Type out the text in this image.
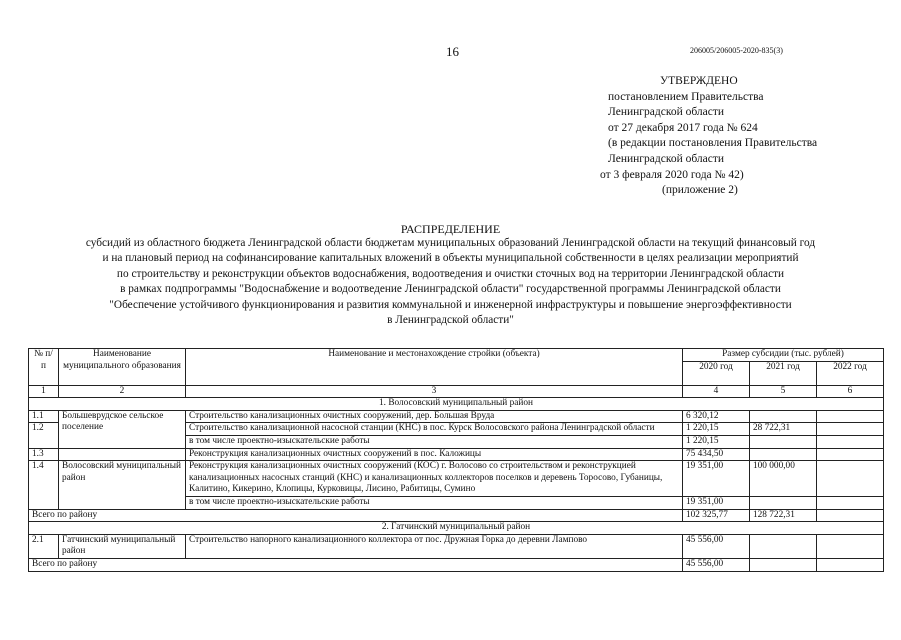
16	206005/206005-2020-835(3)
УТВЕРЖДЕНО
постановлением Правительства
Ленинградской области
от 27 декабря 2017 года № 624
(в редакции постановления Правительства
Ленинградской области
от 3 февраля 2020 года № 42)
(приложение 2)
РАСПРЕДЕЛЕНИЕ
субсидий из областного бюджета Ленинградской области бюджетам муниципальных образований Ленинградской области на текущий финансовый год
и на плановый период на софинансирование капитальных вложений в объекты муниципальной собственности в целях реализации мероприятий
по строительству и реконструкции объектов водоснабжения, водоотведения и очистки сточных вод на территории Ленинградской области
в рамках подпрограммы "Водоснабжение и водоотведение Ленинградской области" государственной программы Ленинградской области
"Обеспечение устойчивого функционирования и развития коммунальной и инженерной инфраструктуры и повышение энергоэффективности
в Ленинградской области"
№ п/п	Наименование муниципального образования	Наименование и местонахождение стройки (объекта)	Размер субсидии (тыс. рублей)		
			2020 год	2021 год	2022 год
1	2	3	4	5	6
1. Волосовский муниципальный район					
1.1	Большеврудское сельское поселение	Строительство канализационных очистных сооружений, дер. Большая Вруда	6 320,12		
1.2		Строительство канализационной насосной станции (КНС) в пос. Курск Волосовского района Ленинградской области	1 220,15	28 722,31	
		в том числе проектно-изыскательские работы	1 220,15		
1.3		Реконструкция канализационных очистных сооружений в пос. Каложицы	75 434,50		
1.4	Волосовский муниципальный район	Реконструкция канализационных очистных сооружений (КОС) г. Волосово со строительством и реконструкцией канализационных насосных станций (КНС) и канализационных коллекторов поселков и деревень Торосово, Губаницы, Калитино, Кикерино, Клопицы, Курковицы, Лисино, Рабитицы, Сумино	19 351,00	100 000,00	
		в том числе проектно-изыскательские работы	19 351,00		
Всего по району			102 325,77	128 722,31	
2. Гатчинский муниципальный район					
2.1	Гатчинский муниципальный район	Строительство напорного канализационного коллектора от пос. Дружная Горка до деревни Лампово	45 556,00		
Всего по району			45 556,00		
